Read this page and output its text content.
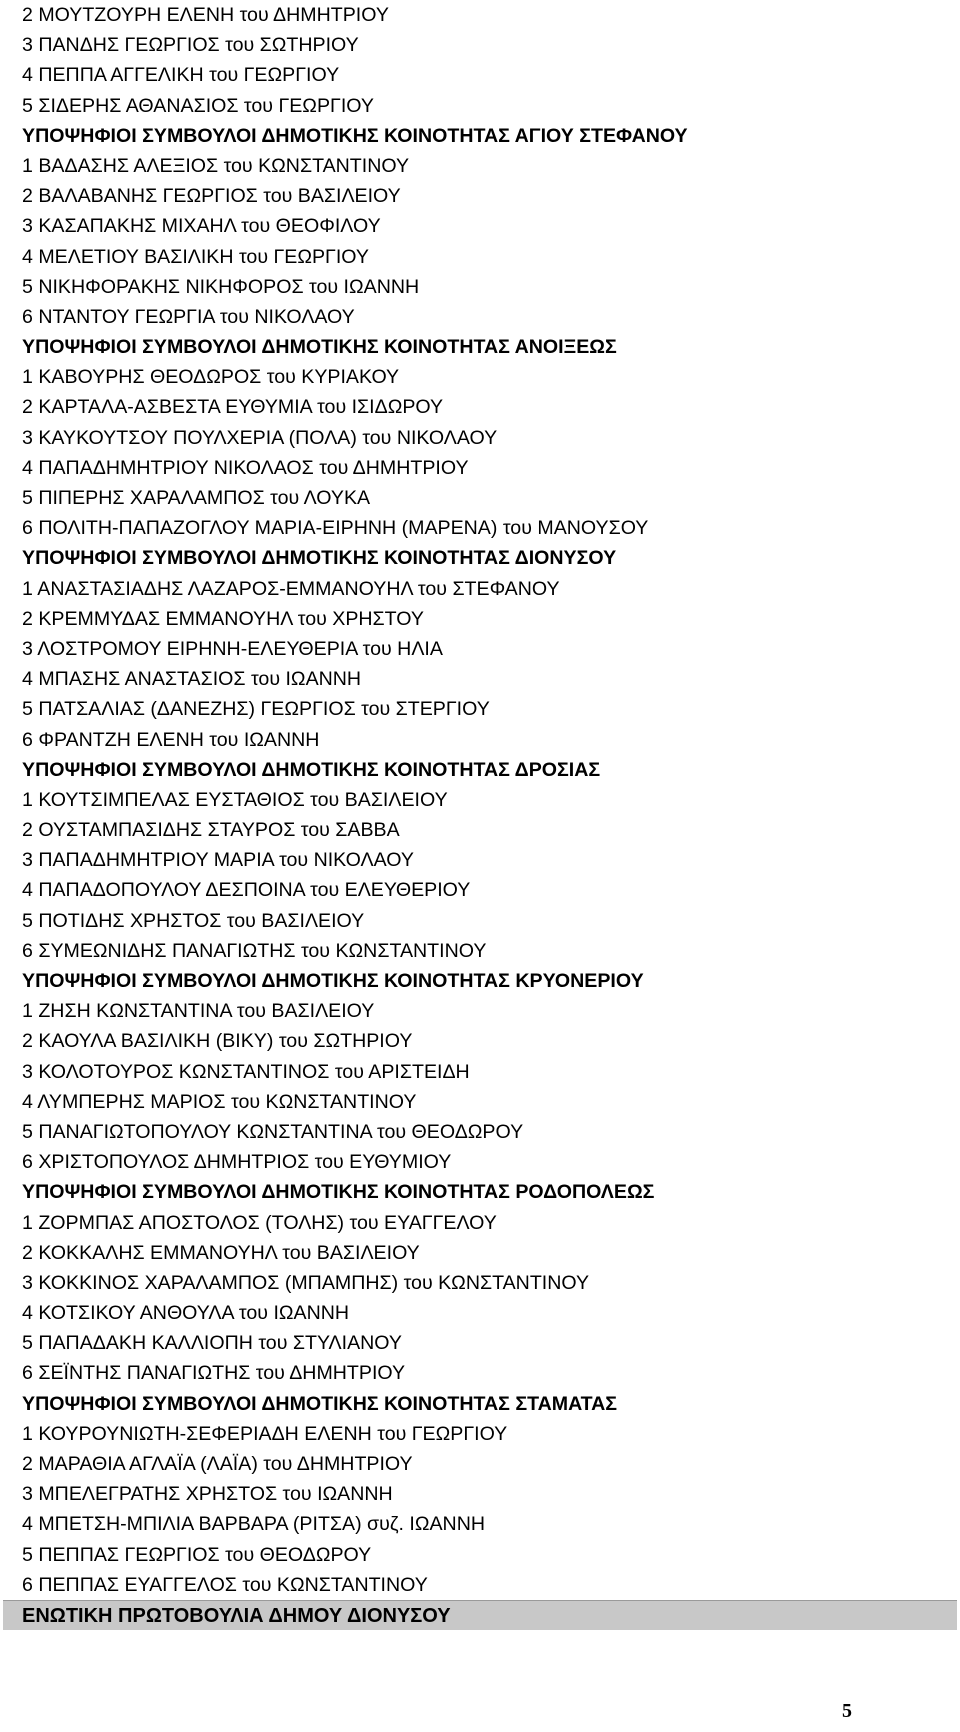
2 ΜΟΥΤΖΟΥΡΗ ΕΛΕΝΗ του ΔΗΜΗΤΡΙΟΥ
3 ΠΑΝΔΗΣ ΓΕΩΡΓΙΟΣ του ΣΩΤΗΡΙΟΥ
4 ΠΕΠΠΑ ΑΓΓΕΛΙΚΗ του ΓΕΩΡΓΙΟΥ
5 ΣΙΔΕΡΗΣ ΑΘΑΝΑΣΙΟΣ του ΓΕΩΡΓΙΟΥ
ΥΠΟΨΗΦΙΟΙ ΣΥΜΒΟΥΛΟΙ ΔΗΜΟΤΙΚΗΣ ΚΟΙΝΟΤΗΤΑΣ ΑΓΙΟΥ ΣΤΕΦΑΝΟΥ
1 ΒΑΔΑΣΗΣ ΑΛΕΞΙΟΣ του ΚΩΝΣΤΑΝΤΙΝΟΥ
2 ΒΑΛΑΒΑΝΗΣ ΓΕΩΡΓΙΟΣ του ΒΑΣΙΛΕΙΟΥ
3 ΚΑΣΑΠΑΚΗΣ ΜΙΧΑΗΛ του ΘΕΟΦΙΛΟΥ
4 ΜΕΛΕΤΙΟΥ ΒΑΣΙΛΙΚΗ του ΓΕΩΡΓΙΟΥ
5 ΝΙΚΗΦΟΡΑΚΗΣ ΝΙΚΗΦΟΡΟΣ του ΙΩΑΝΝΗ
6 ΝΤΑΝΤΟΥ ΓΕΩΡΓΙΑ του ΝΙΚΟΛΑΟΥ
ΥΠΟΨΗΦΙΟΙ ΣΥΜΒΟΥΛΟΙ ΔΗΜΟΤΙΚΗΣ ΚΟΙΝΟΤΗΤΑΣ ΑΝΟΙΞΕΩΣ
1 ΚΑΒΟΥΡΗΣ ΘΕΟΔΩΡΟΣ του ΚΥΡΙΑΚΟΥ
2 ΚΑΡΤΑΛΑ-ΑΣΒΕΣΤΑ ΕΥΘΥΜΙΑ του ΙΣΙΔΩΡΟΥ
3 ΚΑΥΚΟΥΤΣΟΥ ΠΟΥΛΧΕΡΙΑ (ΠΟΛΑ) του ΝΙΚΟΛΑΟΥ
4 ΠΑΠΑΔΗΜΗΤΡΙΟΥ ΝΙΚΟΛΑΟΣ του ΔΗΜΗΤΡΙΟΥ
5 ΠΙΠΕΡΗΣ ΧΑΡΑΛΑΜΠΟΣ του ΛΟΥΚΑ
6 ΠΟΛΙΤΗ-ΠΑΠΑΖΟΓΛΟΥ ΜΑΡΙΑ-ΕΙΡΗΝΗ (ΜΑΡΕΝΑ) του ΜΑΝΟΥΣΟΥ
ΥΠΟΨΗΦΙΟΙ ΣΥΜΒΟΥΛΟΙ ΔΗΜΟΤΙΚΗΣ ΚΟΙΝΟΤΗΤΑΣ ΔΙΟΝΥΣΟΥ
1 ΑΝΑΣΤΑΣΙΑΔΗΣ ΛΑΖΑΡΟΣ-ΕΜΜΑΝΟΥΗΛ του ΣΤΕΦΑΝΟΥ
2 ΚΡΕΜΜΥΔΑΣ ΕΜΜΑΝΟΥΗΛ του ΧΡΗΣΤΟΥ
3 ΛΟΣΤΡΟΜΟΥ ΕΙΡΗΝΗ-ΕΛΕΥΘΕΡΙΑ του ΗΛΙΑ
4 ΜΠΑΣΗΣ ΑΝΑΣΤΑΣΙΟΣ του ΙΩΑΝΝΗ
5 ΠΑΤΣΑΛΙΑΣ (ΔΑΝΕΖΗΣ) ΓΕΩΡΓΙΟΣ του ΣΤΕΡΓΙΟΥ
6 ΦΡΑΝΤΖΗ ΕΛΕΝΗ του ΙΩΑΝΝΗ
ΥΠΟΨΗΦΙΟΙ ΣΥΜΒΟΥΛΟΙ ΔΗΜΟΤΙΚΗΣ ΚΟΙΝΟΤΗΤΑΣ ΔΡΟΣΙΑΣ
1 ΚΟΥΤΣΙΜΠΕΛΑΣ ΕΥΣΤΑΘΙΟΣ του ΒΑΣΙΛΕΙΟΥ
2 ΟΥΣΤΑΜΠΑΣΙΔΗΣ ΣΤΑΥΡΟΣ του ΣΑΒΒΑ
3 ΠΑΠΑΔΗΜΗΤΡΙΟΥ ΜΑΡΙΑ του ΝΙΚΟΛΑΟΥ
4 ΠΑΠΑΔΟΠΟΥΛΟΥ ΔΕΣΠΟΙΝΑ του ΕΛΕΥΘΕΡΙΟΥ
5 ΠΟΤΙΔΗΣ ΧΡΗΣΤΟΣ του ΒΑΣΙΛΕΙΟΥ
6 ΣΥΜΕΩΝΙΔΗΣ ΠΑΝΑΓΙΩΤΗΣ του ΚΩΝΣΤΑΝΤΙΝΟΥ
ΥΠΟΨΗΦΙΟΙ ΣΥΜΒΟΥΛΟΙ ΔΗΜΟΤΙΚΗΣ ΚΟΙΝΟΤΗΤΑΣ ΚΡΥΟΝΕΡΙΟΥ
1 ΖΗΣΗ ΚΩΝΣΤΑΝΤΙΝΑ του ΒΑΣΙΛΕΙΟΥ
2 ΚΑΟΥΛΑ ΒΑΣΙΛΙΚΗ (ΒΙΚΥ) του ΣΩΤΗΡΙΟΥ
3 ΚΟΛΟΤΟΥΡΟΣ ΚΩΝΣΤΑΝΤΙΝΟΣ του ΑΡΙΣΤΕΙΔΗ
4 ΛΥΜΠΕΡΗΣ ΜΑΡΙΟΣ του ΚΩΝΣΤΑΝΤΙΝΟΥ
5 ΠΑΝΑΓΙΩΤΟΠΟΥΛΟΥ ΚΩΝΣΤΑΝΤΙΝΑ του ΘΕΟΔΩΡΟΥ
6 ΧΡΙΣΤΟΠΟΥΛΟΣ ΔΗΜΗΤΡΙΟΣ του ΕΥΘΥΜΙΟΥ
ΥΠΟΨΗΦΙΟΙ ΣΥΜΒΟΥΛΟΙ ΔΗΜΟΤΙΚΗΣ ΚΟΙΝΟΤΗΤΑΣ ΡΟΔΟΠΟΛΕΩΣ
1 ΖΟΡΜΠΑΣ ΑΠΟΣΤΟΛΟΣ (ΤΟΛΗΣ) του ΕΥΑΓΓΕΛΟΥ
2 ΚΟΚΚΑΛΗΣ ΕΜΜΑΝΟΥΗΛ του ΒΑΣΙΛΕΙΟΥ
3 ΚΟΚΚΙΝΟΣ ΧΑΡΑΛΑΜΠΟΣ (ΜΠΑΜΠΗΣ) του ΚΩΝΣΤΑΝΤΙΝΟΥ
4 ΚΟΤΣΙΚΟΥ ΑΝΘΟΥΛΑ του ΙΩΑΝΝΗ
5 ΠΑΠΑΔΑΚΗ ΚΑΛΛΙΟΠΗ του ΣΤΥΛΙΑΝΟΥ
6 ΣΕΪΝΤΗΣ ΠΑΝΑΓΙΩΤΗΣ του ΔΗΜΗΤΡΙΟΥ
ΥΠΟΨΗΦΙΟΙ ΣΥΜΒΟΥΛΟΙ ΔΗΜΟΤΙΚΗΣ ΚΟΙΝΟΤΗΤΑΣ ΣΤΑΜΑΤΑΣ
1 ΚΟΥΡΟΥΝΙΩΤΗ-ΣΕΦΕΡΙΑΔΗ ΕΛΕΝΗ του ΓΕΩΡΓΙΟΥ
2 ΜΑΡΑΘΙΑ ΑΓΛΑΪΑ (ΛΑΪΑ) του ΔΗΜΗΤΡΙΟΥ
3 ΜΠΕΛΕΓΡΑΤΗΣ ΧΡΗΣΤΟΣ του ΙΩΑΝΝΗ
4 ΜΠΕΤΣΗ-ΜΠΙΛΙΑ ΒΑΡΒΑΡΑ (ΡΙΤΣΑ) συζ. ΙΩΑΝΝΗ
5 ΠΕΠΠΑΣ ΓΕΩΡΓΙΟΣ του ΘΕΟΔΩΡΟΥ
6 ΠΕΠΠΑΣ ΕΥΑΓΓΕΛΟΣ του ΚΩΝΣΤΑΝΤΙΝΟΥ
ΕΝΩΤΙΚΗ ΠΡΩΤΟΒΟΥΛΙΑ ΔΗΜΟΥ ΔΙΟΝΥΣΟΥ
5
